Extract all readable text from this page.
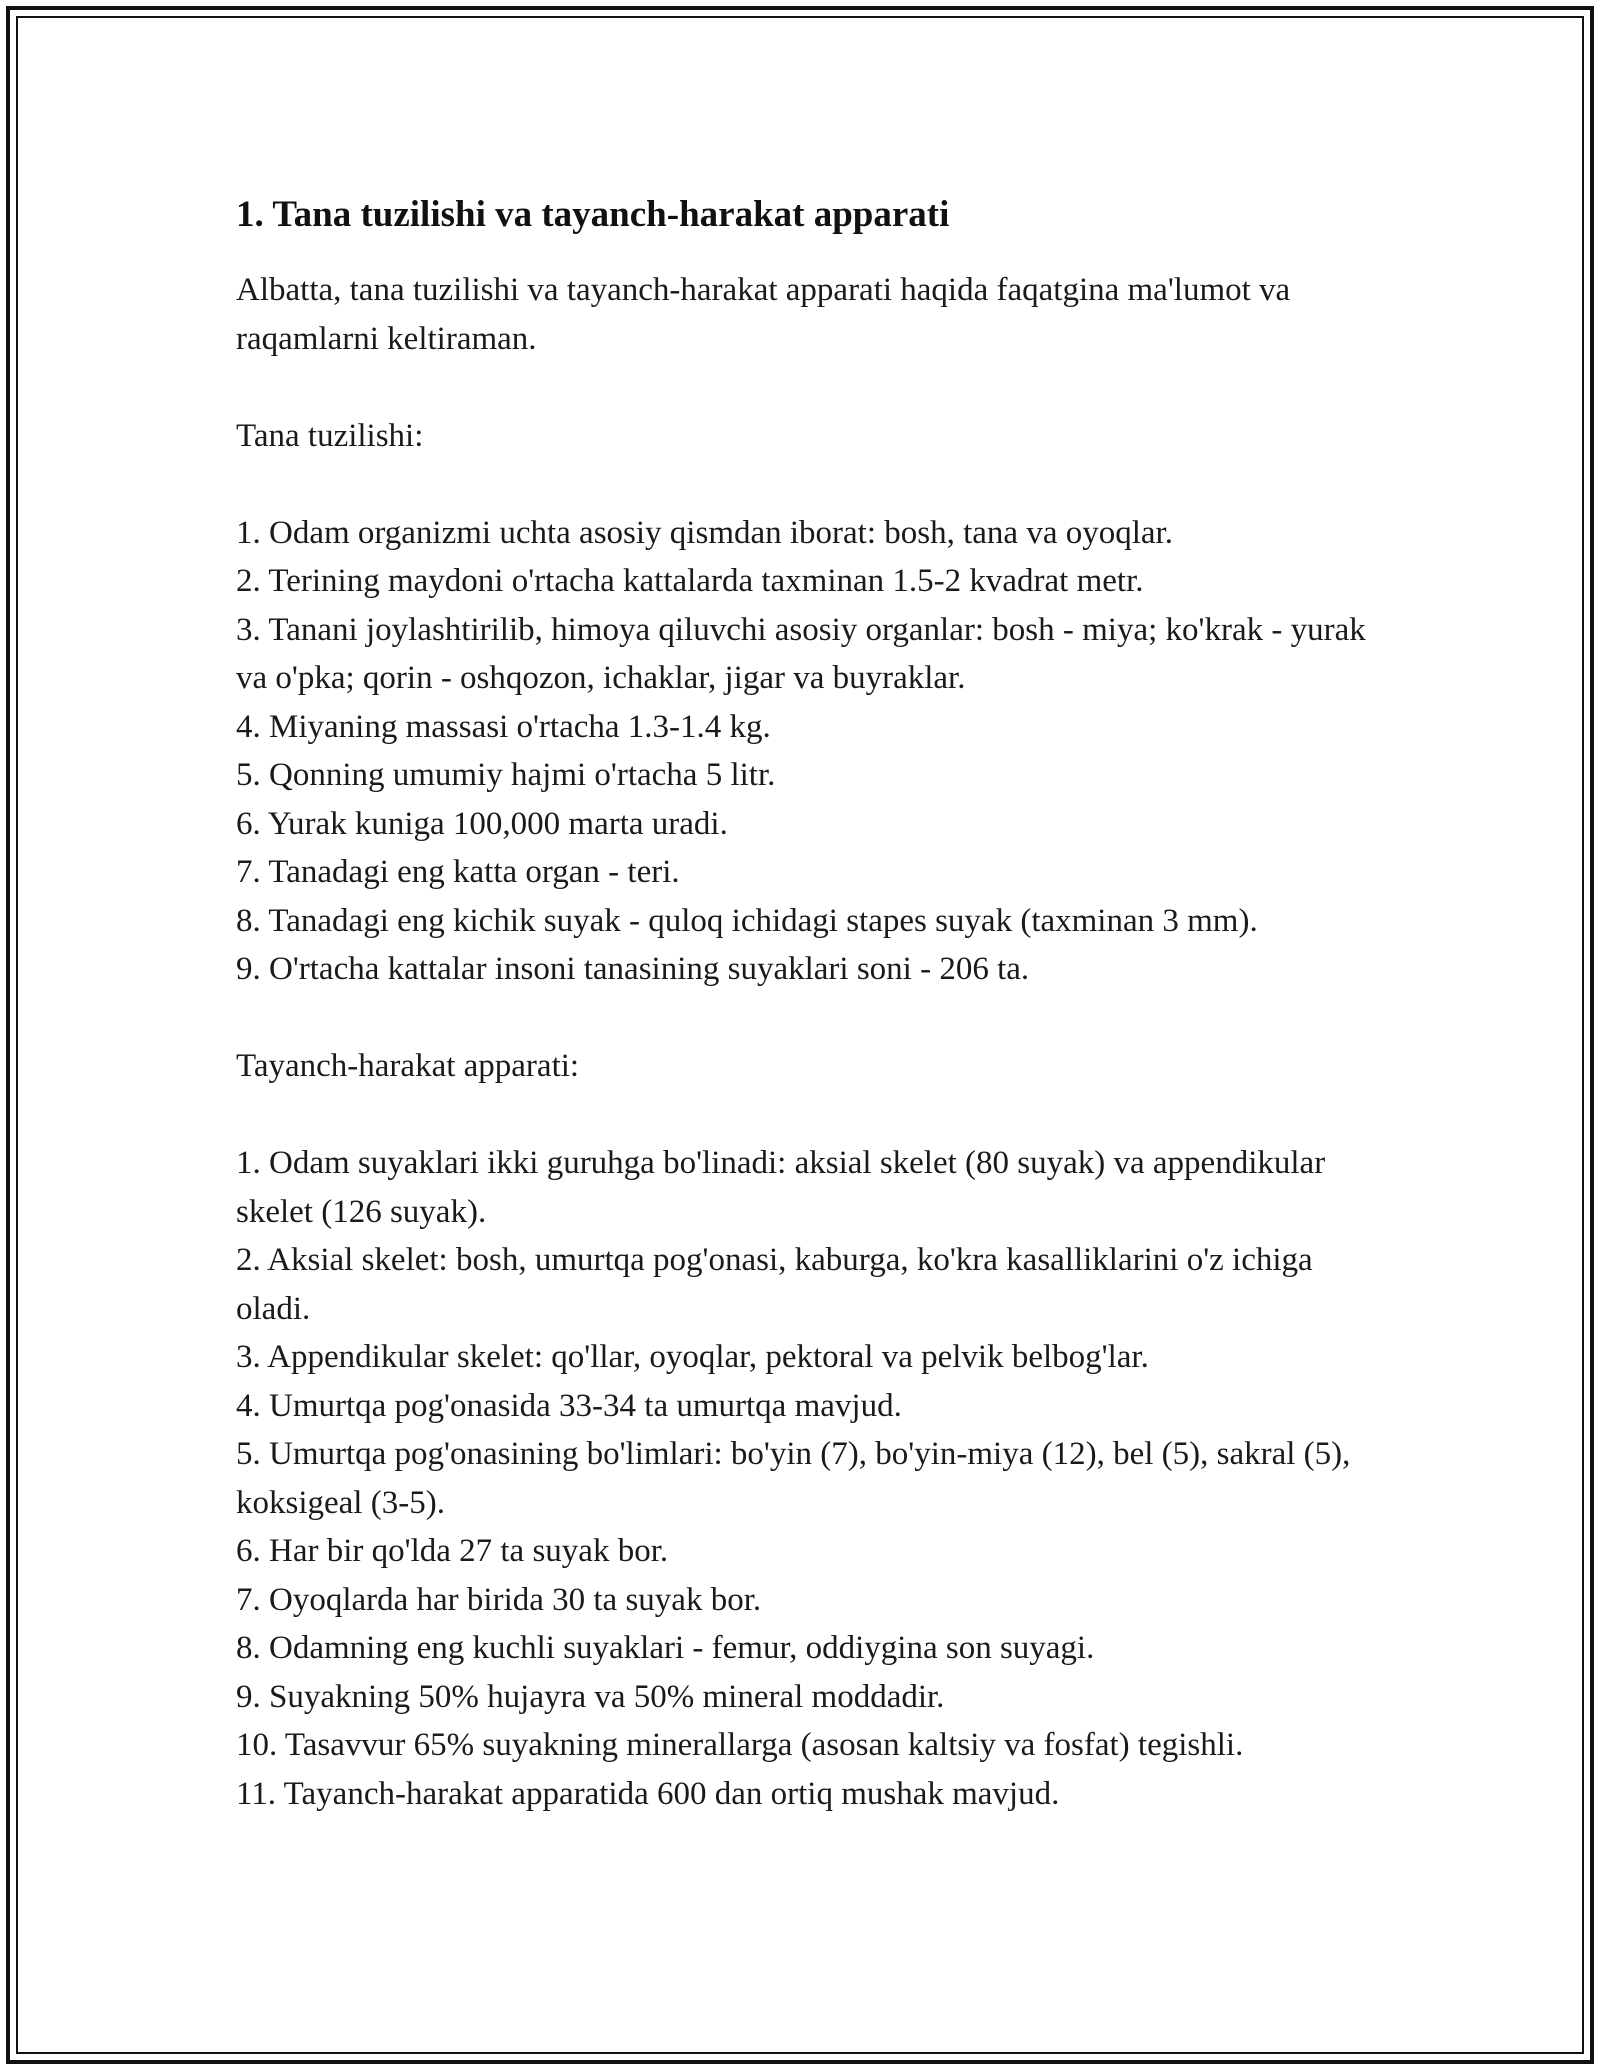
1. Tana tuzilishi va tayanch-harakat apparati

Albatta, tana tuzilishi va tayanch-harakat apparati haqida faqatgina ma'lumot va raqamlarni keltiraman.

Tana tuzilishi:

1. Odam organizmi uchta asosiy qismdan iborat: bosh, tana va oyoqlar.
2. Terining maydoni o'rtacha kattalarda taxminan 1.5-2 kvadrat metr.
3. Tanani joylashtirilib, himoya qiluvchi asosiy organlar: bosh - miya; ko'krak - yurak va o'pka; qorin - oshqozon, ichaklar, jigar va buyraklar.
4. Miyaning massasi o'rtacha 1.3-1.4 kg.
5. Qonning umumiy hajmi o'rtacha 5 litr.
6. Yurak kuniga 100,000 marta uradi.
7. Tanadagi eng katta organ - teri.
8. Tanadagi eng kichik suyak - quloq ichidagi stapes suyak (taxminan 3 mm).
9. O'rtacha kattalar insoni tanasining suyaklari soni - 206 ta.

Tayanch-harakat apparati:

1. Odam suyaklari ikki guruhga bo'linadi: aksial skelet (80 suyak) va appendikular skelet (126 suyak).
2. Aksial skelet: bosh, umurtqa pog'onasi, kaburga, ko'kra kasalliklarini o'z ichiga oladi.
3. Appendikular skelet: qo'llar, oyoqlar, pektoral va pelvik belbog'lar.
4. Umurtqa pog'onasida 33-34 ta umurtqa mavjud.
5. Umurtqa pog'onasining bo'limlari: bo'yin (7), bo'yin-miya (12), bel (5), sakral (5), koksigeal (3-5).
6. Har bir qo'lda 27 ta suyak bor.
7. Oyoqlarda har birida 30 ta suyak bor.
8. Odamning eng kuchli suyaklari - femur, oddiygina son suyagi.
9. Suyakning 50% hujayra va 50% mineral moddadir.
10. Tasavvur 65% suyakning minerallarga (asosan kaltsiy va fosfat) tegishli.
11. Tayanch-harakat apparatida 600 dan ortiq mushak mavjud.
